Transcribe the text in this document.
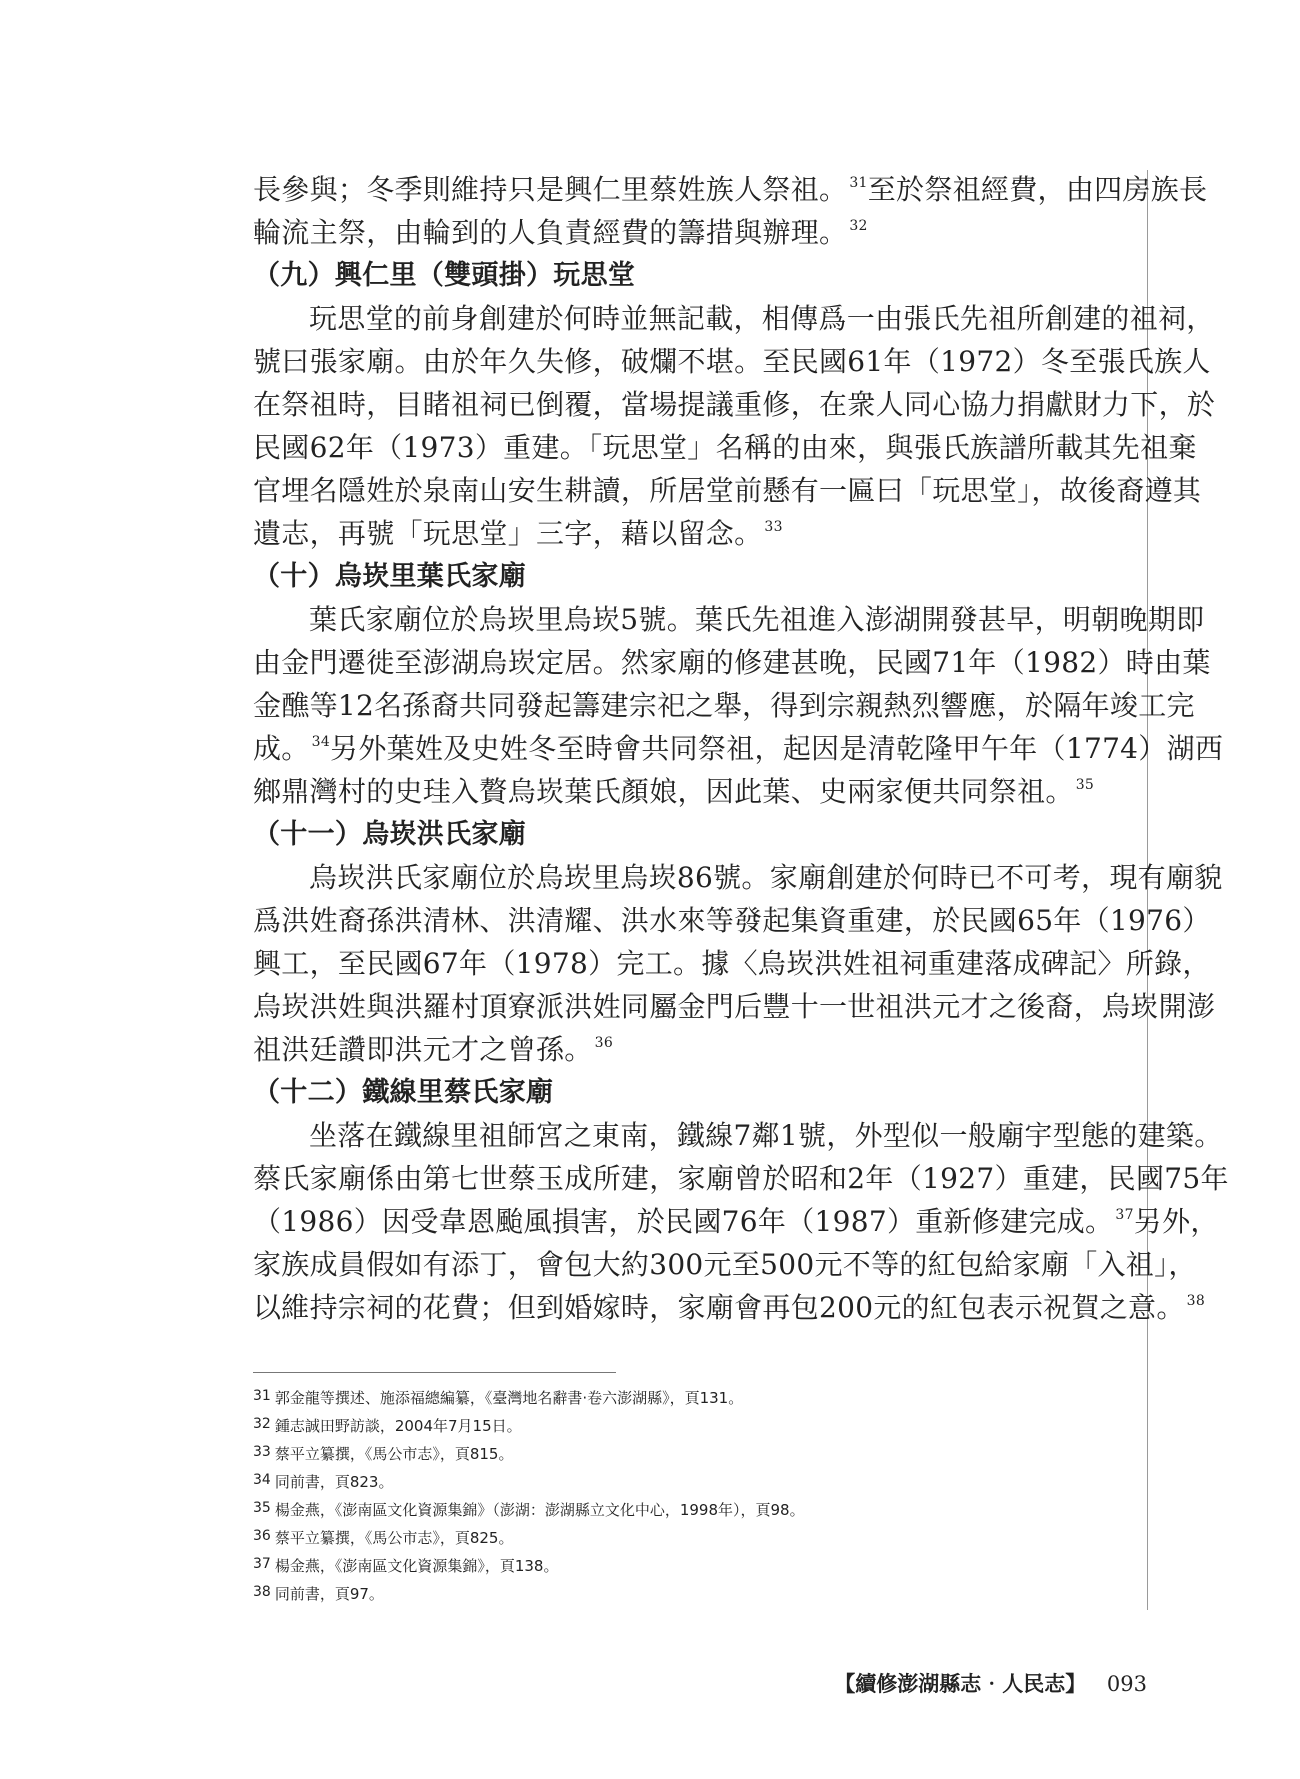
長參與；冬季則維持只是興仁里蔡姓族人祭祖。 $^{31}$至於祭祖經費，由四房族長
輪流主祭，由輪到的人負責經費的籌措與辦理。 $^{32}$
（九）興仁里（雙頭掛）玩思堂
玩思堂的前身創建於何時並無記載，相傳爲一由張氏先祖所創建的祖祠，
號曰張家廟。由於年久失修，破爛不堪。至民國61年（1972）冬至張氏族人
在祭祖時，目睹祖祠已倒覆，當場提議重修，在衆人同心協力捐獻財力下，於
民國62年（1973）重建。「玩思堂」名稱的由來，與張氏族譜所載其先祖棄
官埋名隱姓於泉南山安生耕讀，所居堂前懸有一匾曰「玩思堂」，故後裔遵其
遺志，再號「玩思堂」三字，藉以留念。 $^{33}$
（十）烏崁里葉氏家廟
葉氏家廟位於烏崁里烏崁5號。葉氏先祖進入澎湖開發甚早，明朝晚期即
由金門遷徙至澎湖烏崁定居。然家廟的修建甚晚，民國71年（1982）時由葉
金醮等12名孫裔共同發起籌建宗祀之舉，得到宗親熱烈響應，於隔年竣工完
成。 $^{34}$另外葉姓及史姓冬至時會共同祭祖，起因是清乾隆甲午年（1774）湖西
鄉鼎灣村的史珪入贅烏崁葉氏顏娘，因此葉、史兩家便共同祭祖。 $^{35}$
（十一）烏崁洪氏家廟
烏崁洪氏家廟位於烏崁里烏崁86號。家廟創建於何時已不可考，現有廟貌
爲洪姓裔孫洪清林、洪清耀、洪水來等發起集資重建，於民國65年（1976）
興工，至民國67年（1978）完工。據〈烏崁洪姓祖祠重建落成碑記〉所錄，
烏崁洪姓與洪羅村頂寮派洪姓同屬金門后豐十一世祖洪元才之後裔，烏崁開澎
祖洪廷讚即洪元才之曾孫。 $^{36}$
（十二）鐵線里蔡氏家廟
坐落在鐵線里祖師宮之東南，鐵線7鄰1號，外型似一般廟宇型態的建築。
蔡氏家廟係由第七世蔡玉成所建，家廟曾於昭和2年（1927）重建，民國75年
（1986）因受韋恩颱風損害，於民國76年（1987）重新修建完成。 $^{37}$另外，
家族成員假如有添丁，會包大約300元至500元不等的紅包給家廟「入祖」，
以維持宗祠的花費；但到婚嫁時，家廟會再包200元的紅包表示祝賀之意。 $^{38}$
31 郭金龍等撰述、施添福總編纂，《臺灣地名辭書‧卷六澎湖縣》，頁131。
32 鍾志誠田野訪談，2004年7月15日。
33 蔡平立纂撰，《馬公市志》，頁815。
34 同前書，頁823。
35 楊金燕，《澎南區文化資源集錦》（澎湖：澎湖縣立文化中心，1998年），頁98。
36 蔡平立纂撰，《馬公市志》，頁825。
37 楊金燕，《澎南區文化資源集錦》，頁138。
38 同前書，頁97。
【續修澎湖縣志‧人民志】 093
